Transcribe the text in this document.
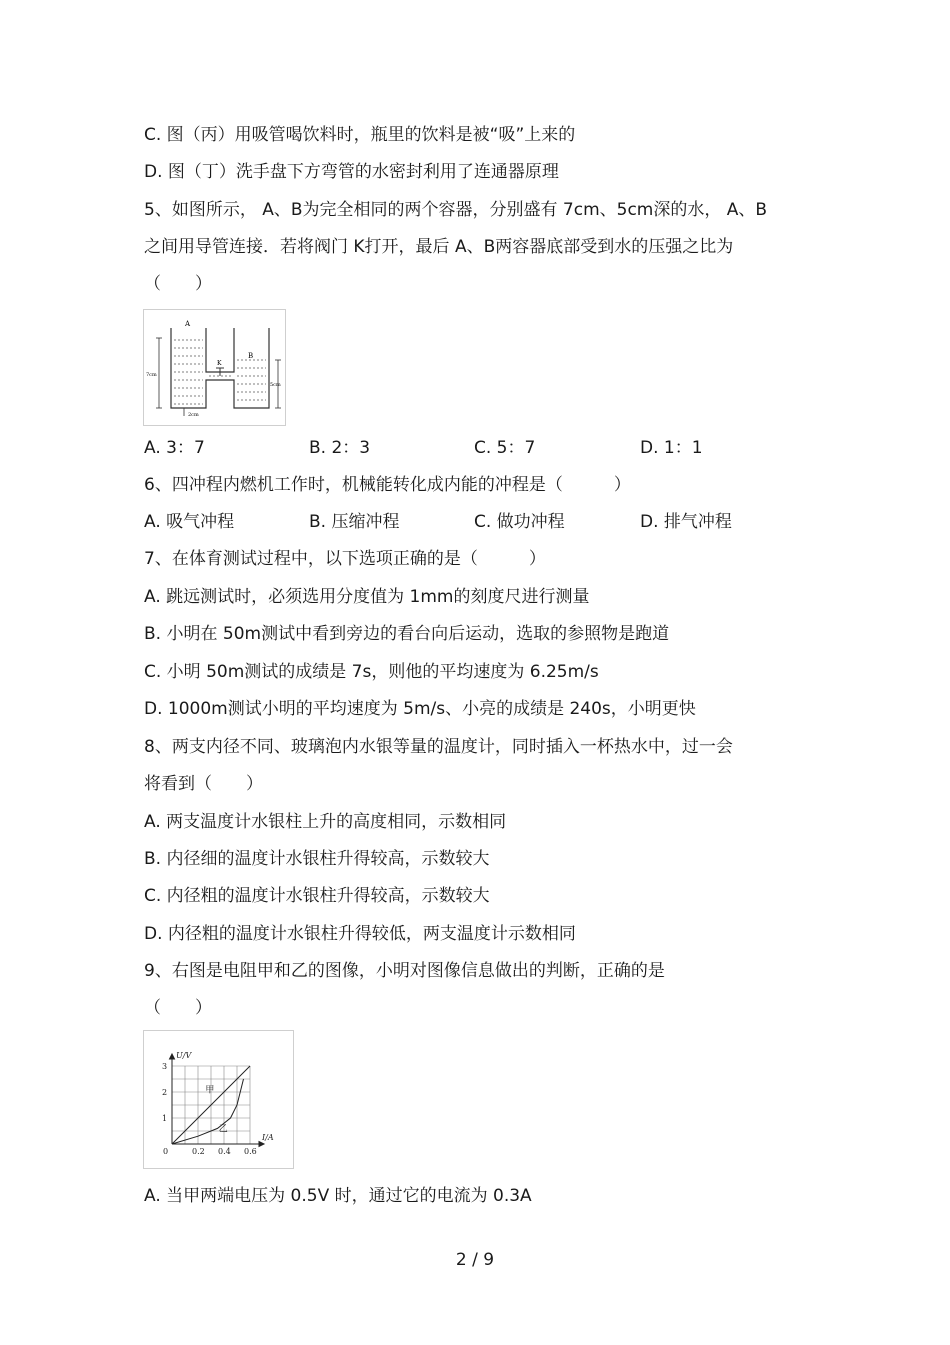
C. 图（丙）用吸管喝饮料时，瓶里的饮料是被“吸”上来的
D. 图（丁）洗手盘下方弯管的水密封利用了连通器原理
5、如图所示， A、B为完全相同的两个容器，分别盛有 7cm、5cm深的水， A、B
之间用导管连接．若将阀门 K打开，最后 A、B两容器底部受到水的压强之比为
（　　）
A
B
K
7cm
5cm
2cm
A. 3：7	B. 2：3	C. 5：7	D. 1：1
6、四冲程内燃机工作时，机械能转化成内能的冲程是（　　　）
A. 吸气冲程	B. 压缩冲程	C. 做功冲程	D. 排气冲程
7、在体育测试过程中，以下选项正确的是（　　　）
A. 跳远测试时，必须选用分度值为 1mm的刻度尺进行测量
B. 小明在 50m测试中看到旁边的看台向后运动，选取的参照物是跑道
C. 小明 50m测试的成绩是 7s，则他的平均速度为 6.25m/s
D. 1000m测试小明的平均速度为 5m/s、小亮的成绩是 240s，小明更快
8、两支内径不同、玻璃泡内水银等量的温度计，同时插入一杯热水中，过一会
将看到（　　）
A. 两支温度计水银柱上升的高度相同，示数相同
B. 内径细的温度计水银柱升得较高，示数较大
C. 内径粗的温度计水银柱升得较高，示数较大
D. 内径粗的温度计水银柱升得较低，两支温度计示数相同
9、右图是电阻甲和乙的图像，小明对图像信息做出的判断，正确的是
（　　）
U/V
I/A
0	0.2 0.4 0.6
1
2
3
甲
乙
A. 当甲两端电压为 0.5V 时，通过它的电流为 0.3A
2 / 9
